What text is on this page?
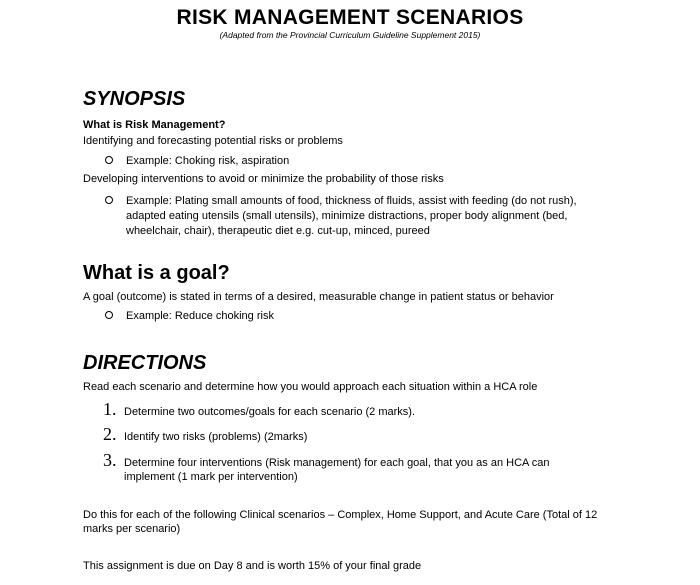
RISK MANAGEMENT SCENARIOS
(Adapted from the Provincial Curriculum Guideline Supplement 2015)
SYNOPSIS
What is Risk Management?
Identifying and forecasting potential risks or problems
Example: Choking risk, aspiration
Developing interventions to avoid or minimize the probability of those risks
Example: Plating small amounts of food, thickness of fluids, assist with feeding (do not rush),
adapted eating utensils (small utensils), minimize distractions, proper body alignment (bed,
wheelchair, chair), therapeutic diet e.g. cut-up, minced, pureed
What is a goal?
A goal (outcome) is stated in terms of a desired, measurable change in patient status or behavior
Example: Reduce choking risk
DIRECTIONS
Read each scenario and determine how you would approach each situation within a HCA role
1. Determine two outcomes/goals for each scenario (2 marks).
2. Identify two risks (problems) (2marks)
3. Determine four interventions (Risk management) for each goal, that you as an HCA can
implement (1 mark per intervention)
Do this for each of the following Clinical scenarios – Complex, Home Support, and Acute Care (Total of 12
marks per scenario)
This assignment is due on Day 8 and is worth 15% of your final grade
